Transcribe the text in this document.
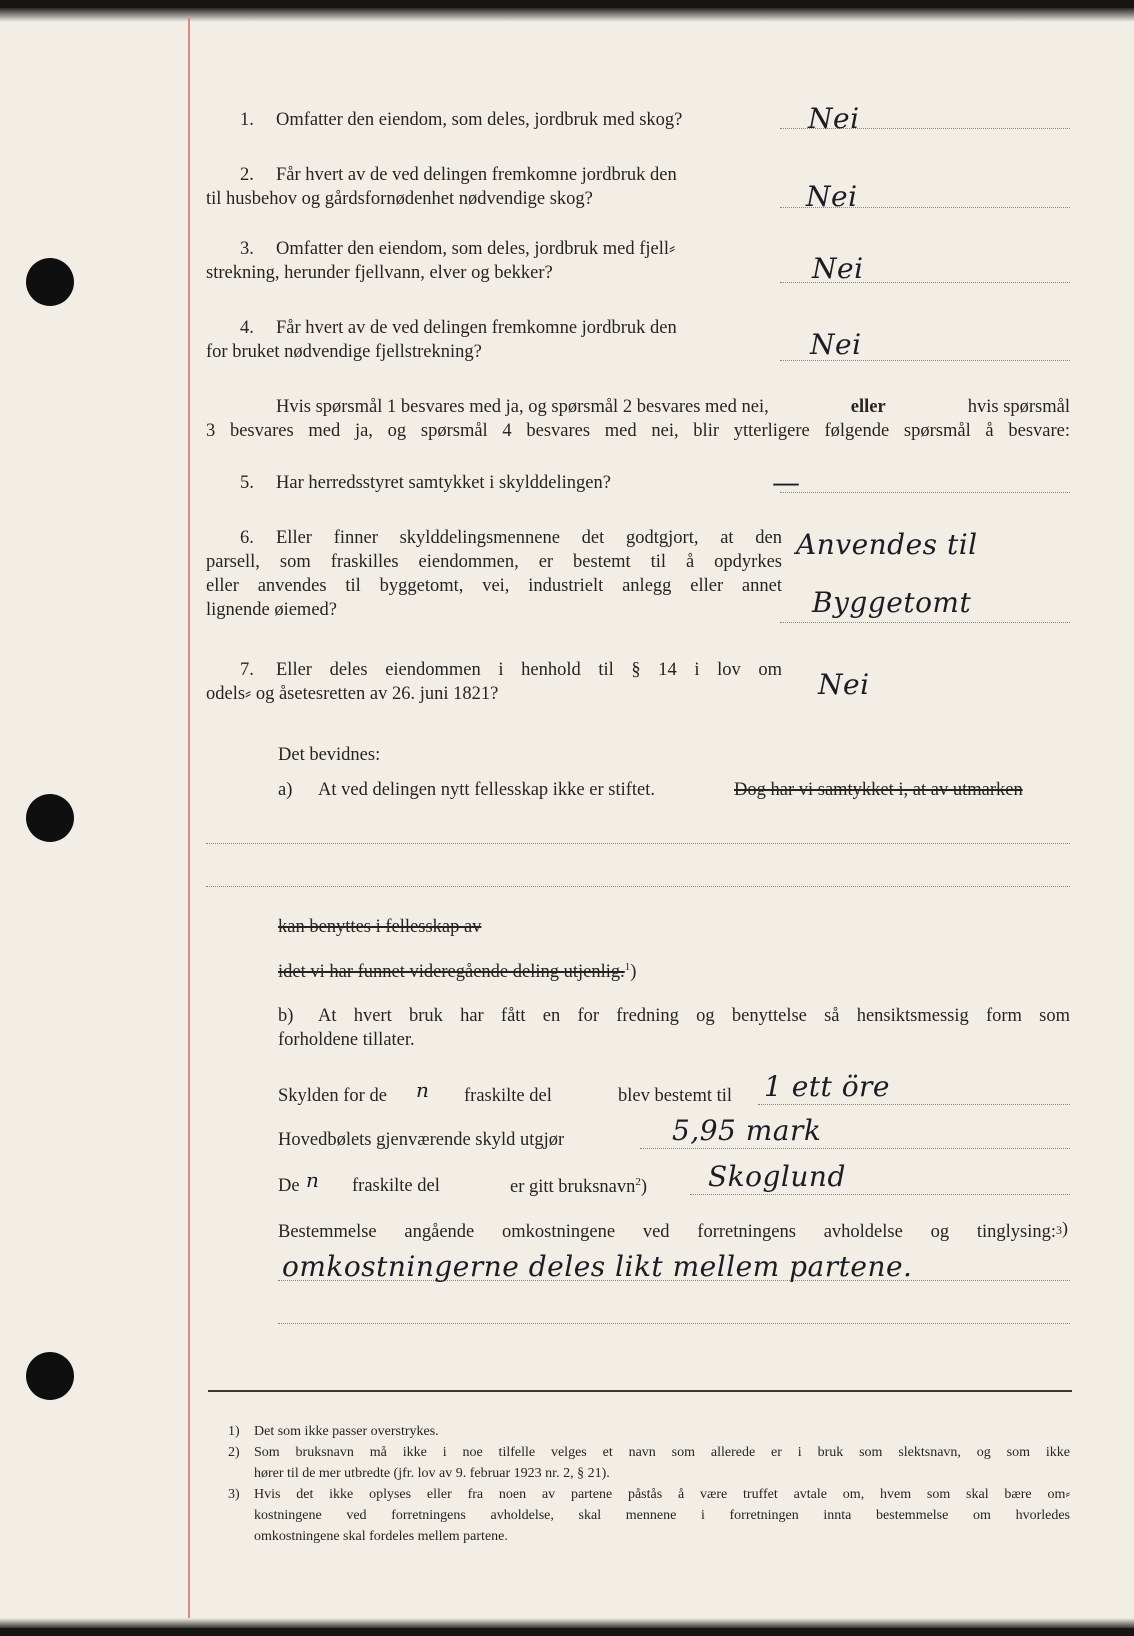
1. Omfatter den eiendom, som deles, jordbruk med skog?	Nei
2. Får hvert av de ved delingen fremkomne jordbruk den
til husbehov og gårdsfornødenhet nødvendige skog?	Nei
3. Omfatter den eiendom, som deles, jordbruk med fjell⸗
strekning, herunder fjellvann, elver og bekker?	Nei
4. Får hvert av de ved delingen fremkomne jordbruk den
for bruket nødvendige fjellstrekning?	Nei
Hvis spørsmål 1 besvares med ja, og spørsmål 2 besvares med nei,	eller	hvis spørsmål
3 besvares med ja, og spørsmål 4 besvares med nei, blir ytterligere følgende spørsmål å besvare:
5. Har herredsstyret samtykket i skylddelingen?	—
6. Eller finner skylddelingsmennene det godtgjort, at den
parsell, som fraskilles eiendommen, er bestemt til å opdyrkes
eller anvendes til byggetomt, vei, industrielt anlegg eller annet
lignende øiemed?
Anvendes til
Byggetomt
7. Eller deles eiendommen i henhold til § 14 i lov om
odels⸗ og åsetesretten av 26. juni 1821?	Nei
Det bevidnes:
a) At ved delingen nytt fellesskap ikke er stiftet.	Dog har vi samtykket i, at av utmarken
kan benyttes i fellesskap av
idet vi har funnet videregående deling utjenlig.$^1$)
b) At hvert bruk har fått en for fredning og benyttelse så hensiktsmessig form som
forholdene tillater.
Skylden for de n fraskilte del	blev bestemt til 1 ett öre
Hovedbølets gjenværende skyld utgjør	5,95 mark
De n fraskilte del	er gitt bruksnavn$^2$) Skoglund
Bestemmelse angående omkostningene ved forretningens avholdelse og tinglysing: 3)
omkostningerne deles likt mellem partene.
1) Det som ikke passer overstrykes.
2) Som bruksnavn må ikke i noe tilfelle velges et navn som allerede er i bruk som slektsnavn, og som ikke
hører til de mer utbredte (jfr. lov av 9. februar 1923 nr. 2, § 21).
3) Hvis det ikke oplyses eller fra noen av partene påstås å være truffet avtale om, hvem som skal bære om⸗
kostningene ved forretningens avholdelse, skal mennene i forretningen innta bestemmelse om hvorledes
omkostningene skal fordeles mellem partene.
